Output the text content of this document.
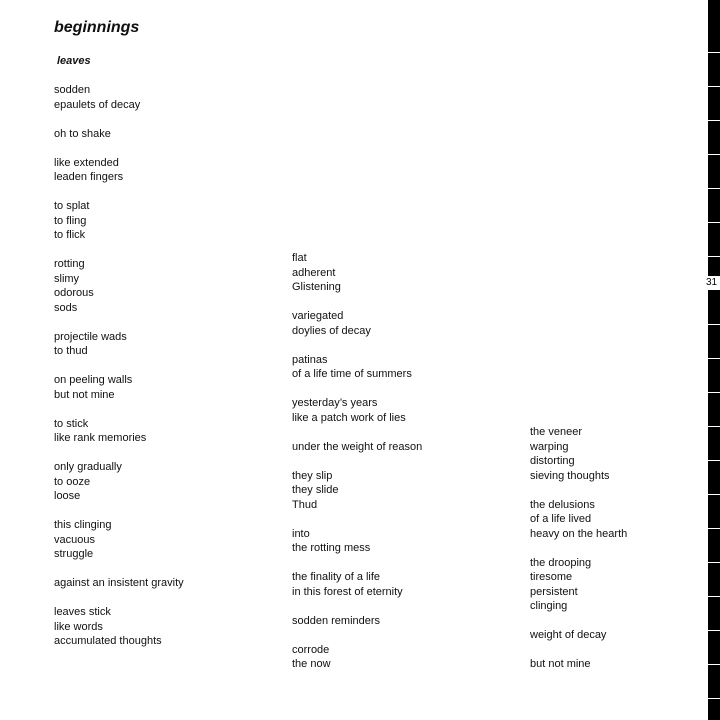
beginnings
leaves
sodden
epaulets of decay
oh to shake
like extended
leaden fingers
to splat
to fling
to flick
rotting
slimy
odorous
sods
projectile wads
to thud
on peeling walls
but not mine
to stick
like rank memories
only gradually
to ooze
loose
this clinging
vacuous
struggle
against an insistent gravity
leaves stick
like words
accumulated thoughts
flat
adherent
Glistening
variegated
doylies of decay
patinas
of a life time of summers
yesterday’s years
like a patch work of lies
under the weight of reason
they slip
they slide
Thud
into
the rotting mess
the finality of a life
in this forest of eternity
sodden reminders
corrode
the now
the veneer
warping
distorting
sieving thoughts
the delusions
of a life lived
heavy on the hearth
the drooping
tiresome
persistent
clinging
weight of decay
but not mine
31
